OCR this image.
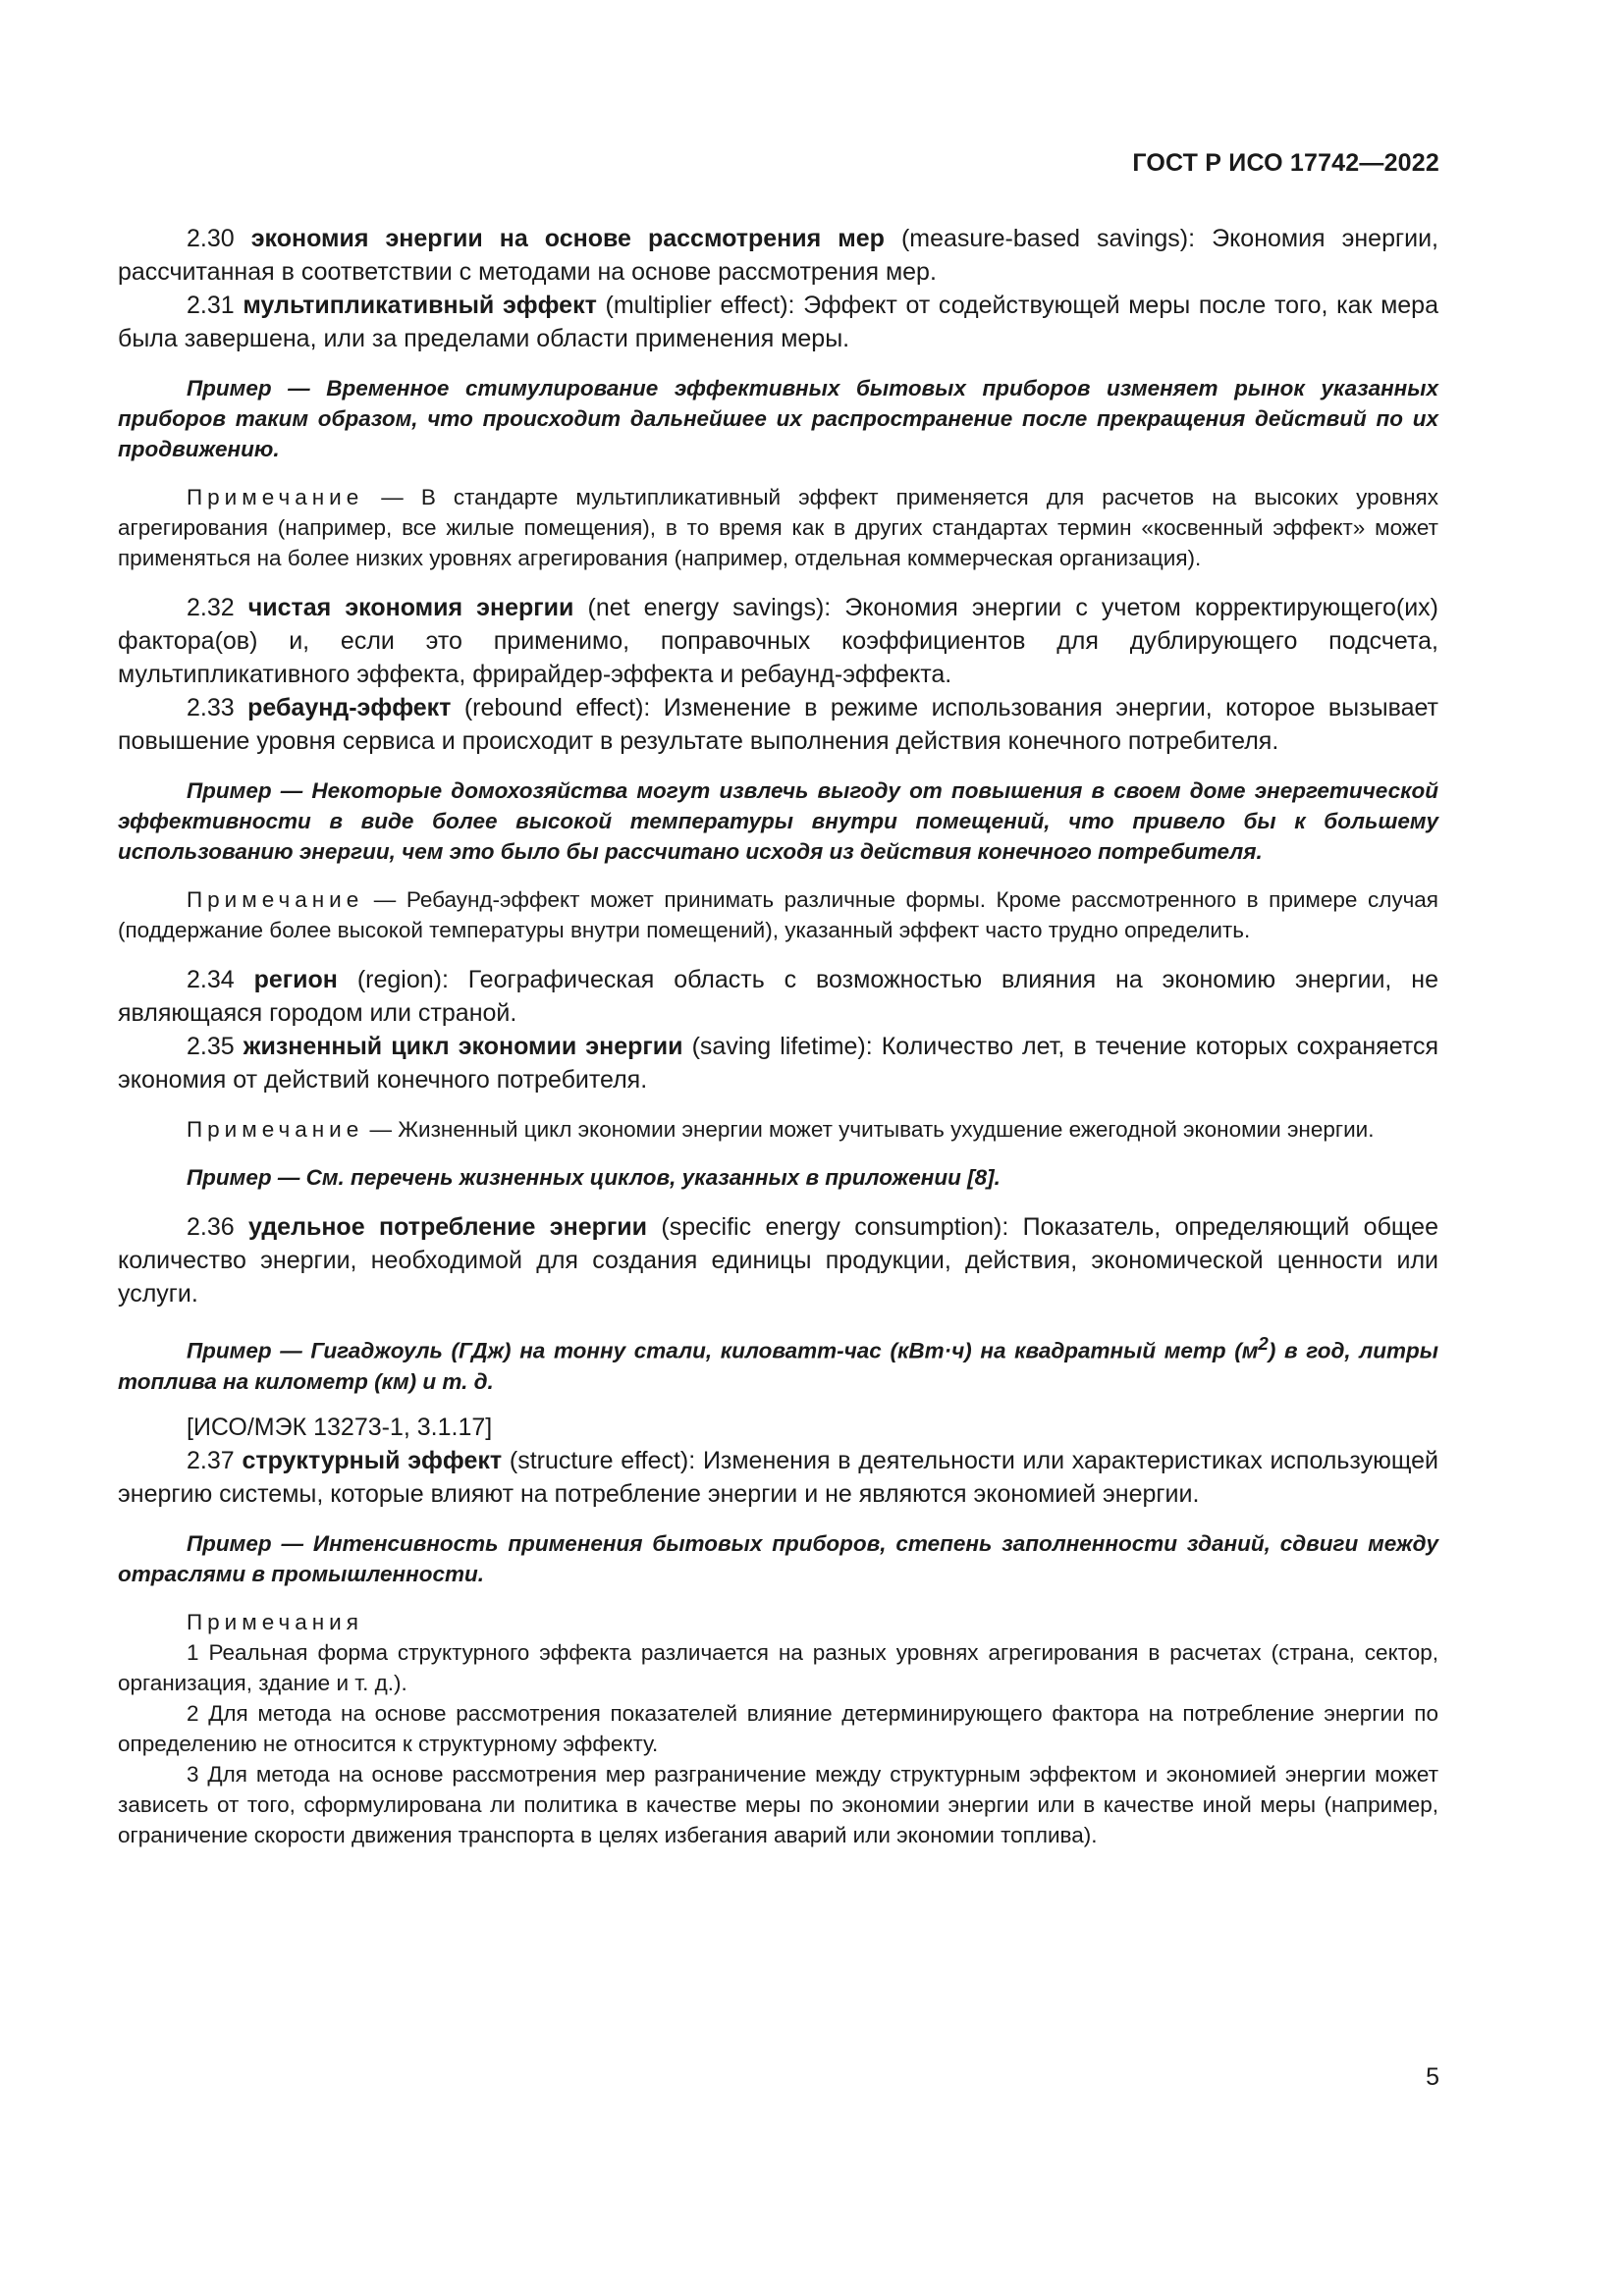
ГОСТ Р ИСО 17742—2022

2.30 экономия энергии на основе рассмотрения мер (measure-based savings): Экономия энергии, рассчитанная в соответствии с методами на основе рассмотрения мер.

2.31 мультипликативный эффект (multiplier effect): Эффект от содействующей меры после того, как мера была завершена, или за пределами области применения меры.

Пример — Временное стимулирование эффективных бытовых приборов изменяет рынок указанных приборов таким образом, что происходит дальнейшее их распространение после прекращения действий по их продвижению.

Примечание — В стандарте мультипликативный эффект применяется для расчетов на высоких уровнях агрегирования (например, все жилые помещения), в то время как в других стандартах термин «косвенный эффект» может применяться на более низких уровнях агрегирования (например, отдельная коммерческая организация).

2.32 чистая экономия энергии (net energy savings): Экономия энергии с учетом корректирующего(их) фактора(ов) и, если это применимо, поправочных коэффициентов для дублирующего подсчета, мультипликативного эффекта, фрирайдер-эффекта и ребаунд-эффекта.

2.33 ребаунд-эффект (rebound effect): Изменение в режиме использования энергии, которое вызывает повышение уровня сервиса и происходит в результате выполнения действия конечного потребителя.

Пример — Некоторые домохозяйства могут извлечь выгоду от повышения в своем доме энергетической эффективности в виде более высокой температуры внутри помещений, что привело бы к большему использованию энергии, чем это было бы рассчитано исходя из действия конечного потребителя.

Примечание — Ребаунд-эффект может принимать различные формы. Кроме рассмотренного в примере случая (поддержание более высокой температуры внутри помещений), указанный эффект часто трудно определить.

2.34 регион (region): Географическая область с возможностью влияния на экономию энергии, не являющаяся городом или страной.

2.35 жизненный цикл экономии энергии (saving lifetime): Количество лет, в течение которых сохраняется экономия от действий конечного потребителя.

Примечание — Жизненный цикл экономии энергии может учитывать ухудшение ежегодной экономии энергии.

Пример — См. перечень жизненных циклов, указанных в приложении [8].

2.36 удельное потребление энергии (specific energy consumption): Показатель, определяющий общее количество энергии, необходимой для создания единицы продукции, действия, экономической ценности или услуги.

Пример — Гигаджоуль (ГДж) на тонну стали, киловатт-час (кВт·ч) на квадратный метр $(м^2)$ в год, литры топлива на километр (км) и т. д.

[ИСО/МЭК 13273-1, 3.1.17]

2.37 структурный эффект (structure effect): Изменения в деятельности или характеристиках использующей энергию системы, которые влияют на потребление энергии и не являются экономией энергии.

Пример — Интенсивность применения бытовых приборов, степень заполненности зданий, сдвиги между отраслями в промышленности.

Примечания

1 Реальная форма структурного эффекта различается на разных уровнях агрегирования в расчетах (страна, сектор, организация, здание и т. д.).

2 Для метода на основе рассмотрения показателей влияние детерминирующего фактора на потребление энергии по определению не относится к структурному эффекту.

3 Для метода на основе рассмотрения мер разграничение между структурным эффектом и экономией энергии может зависеть от того, сформулирована ли политика в качестве меры по экономии энергии или в качестве иной меры (например, ограничение скорости движения транспорта в целях избегания аварий или экономии топлива).

5
